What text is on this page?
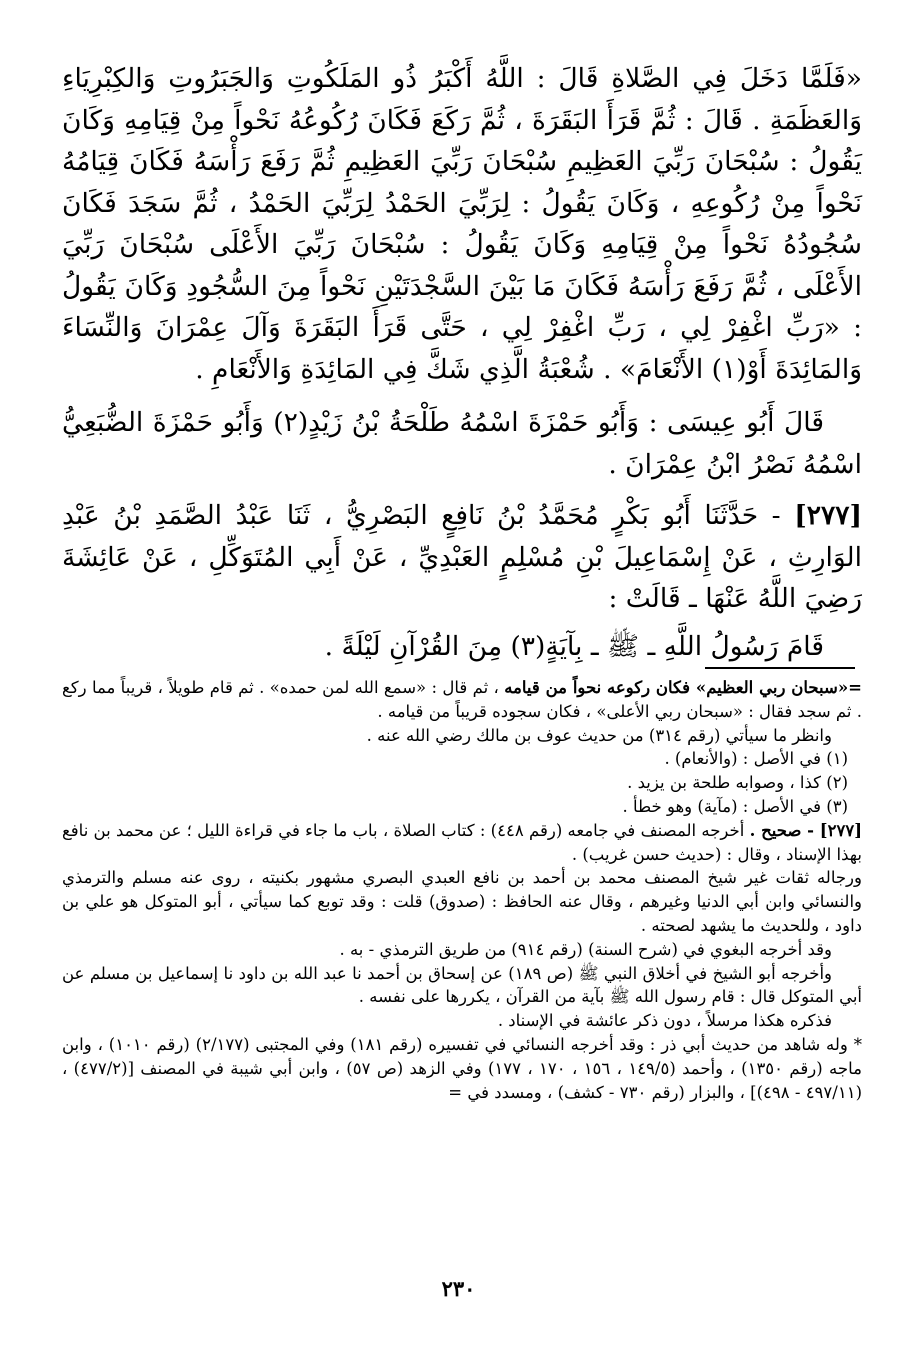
«فَلَمَّا دَخَلَ فِي الصَّلاةِ قَالَ : اللَّهُ أَكْبَرُ ذُو المَلَكُوتِ وَالجَبَرُوتِ وَالكِبْرِيَاءِ وَالعَظَمَةِ . قَالَ : ثُمَّ قَرَأَ البَقَرَةَ ، ثُمَّ رَكَعَ فَكَانَ رُكُوعُهُ نَحْواً مِنْ قِيَامِهِ وَكَانَ يَقُولُ : سُبْحَانَ رَبِّيَ العَظِيمِ سُبْحَانَ رَبِّيَ العَظِيمِ ثُمَّ رَفَعَ رَأْسَهُ فَكَانَ قِيَامُهُ نَحْواً مِنْ رُكُوعِهِ ، وَكَانَ يَقُولُ : لِرَبِّيَ الحَمْدُ لِرَبِّيَ الحَمْدُ ، ثُمَّ سَجَدَ فَكَانَ سُجُودُهُ نَحْواً مِنْ قِيَامِهِ وَكَانَ يَقُولُ : سُبْحَانَ رَبِّيَ الأَعْلَى سُبْحَانَ رَبِّيَ الأَعْلَى ، ثُمَّ رَفَعَ رَأْسَهُ فَكَانَ مَا بَيْنَ السَّجْدَتَيْنِ نَحْواً مِنَ السُّجُودِ وَكَانَ يَقُولُ : «رَبِّ اغْفِرْ لِي ، رَبِّ اغْفِرْ لِي ، حَتَّى قَرَأَ البَقَرَةَ وَآلَ عِمْرَانَ وَالنِّسَاءَ وَالمَائِدَةَ أَوْ(١) الأَنْعَامَ» . شُعْبَةُ الَّذِي شَكَّ فِي المَائِدَةِ وَالأَنْعَامِ .

قَالَ أَبُو عِيسَى : وَأَبُو حَمْزَةَ اسْمُهُ طَلْحَةُ بْنُ زَيْدٍ(٢) وَأَبُو حَمْزَةَ الضُّبَعِيُّ اسْمُهُ نَصْرُ ابْنُ عِمْرَانَ .

[٢٧٧] - حَدَّثَنَا أَبُو بَكْرٍ مُحَمَّدُ بْنُ نَافِعٍ البَصْرِيُّ ، ثَنَا عَبْدُ الصَّمَدِ بْنُ عَبْدِ الوَارِثِ ، عَنْ إِسْمَاعِيلَ بْنِ مُسْلِمٍ العَبْدِيِّ ، عَنْ أَبِي المُتَوَكِّلِ ، عَنْ عَائِشَةَ رَضِيَ اللَّهُ عَنْهَا ـ قَالَتْ :

قَامَ رَسُولُ اللَّهِ ـ ﷺ ـ بِآيَةٍ(٣) مِنَ القُرْآنِ لَيْلَةً .

=«سبحان ربي العظيم» فكان ركوعه نحواً من قيامه ، ثم قال : «سمع الله لمن حمده» . ثم قام طويلاً ، قريباً مما ركع . ثم سجد فقال : «سبحان ربي الأعلى» ، فكان سجوده قريباً من قيامه .

وانظر ما سيأتي (رقم ٣١٤) من حديث عوف بن مالك رضي الله عنه .

(١) في الأصل : (والأنعام) .

(٢) كذا ، وصوابه طلحة بن يزيد .

(٣) في الأصل : (مآية) وهو خطأ .

[٢٧٧] - صحيح . أخرجه المصنف في جامعه (رقم ٤٤٨) : كتاب الصلاة ، باب ما جاء في قراءة الليل ؛ عن محمد بن نافع بهذا الإسناد ، وقال : (حديث حسن غريب) .

ورجاله ثقات غير شيخ المصنف محمد بن أحمد بن نافع العبدي البصري مشهور بكنيته ، روى عنه مسلم والترمذي والنسائي وابن أبي الدنيا وغيرهم ، وقال عنه الحافظ : (صدوق) قلت : وقد توبع كما سيأتي ، أبو المتوكل هو علي بن داود ، وللحديث ما يشهد لصحته .

وقد أخرجه البغوي في (شرح السنة) (رقم ٩١٤) من طريق الترمذي - به .

وأخرجه أبو الشيخ في أخلاق النبي ﷺ (ص ١٨٩) عن إسحاق بن أحمد نا عبد الله بن داود نا إسماعيل بن مسلم عن أبي المتوكل قال : قام رسول الله ﷺ بآية من القرآن ، يكررها على نفسه .

فذكره هكذا مرسلاً ، دون ذكر عائشة في الإسناد .

* وله شاهد من حديث أبي ذر : وقد أخرجه النسائي في تفسيره (رقم ١٨١) وفي المجتبى (٢/١٧٧) (رقم ١٠١٠) ، وابن ماجه (رقم ١٣٥٠) ، وأحمد (١٤٩/٥ ، ١٥٦ ، ١٧٠ ، ١٧٧) وفي الزهد (ص ٥٧) ، وابن أبي شيبة في المصنف [(٤٧٧/٢) ، (٤٩٧/١١ - ٤٩٨)] ، والبزار (رقم ٧٣٠ - كشف) ، ومسدد في =

٢٣٠
